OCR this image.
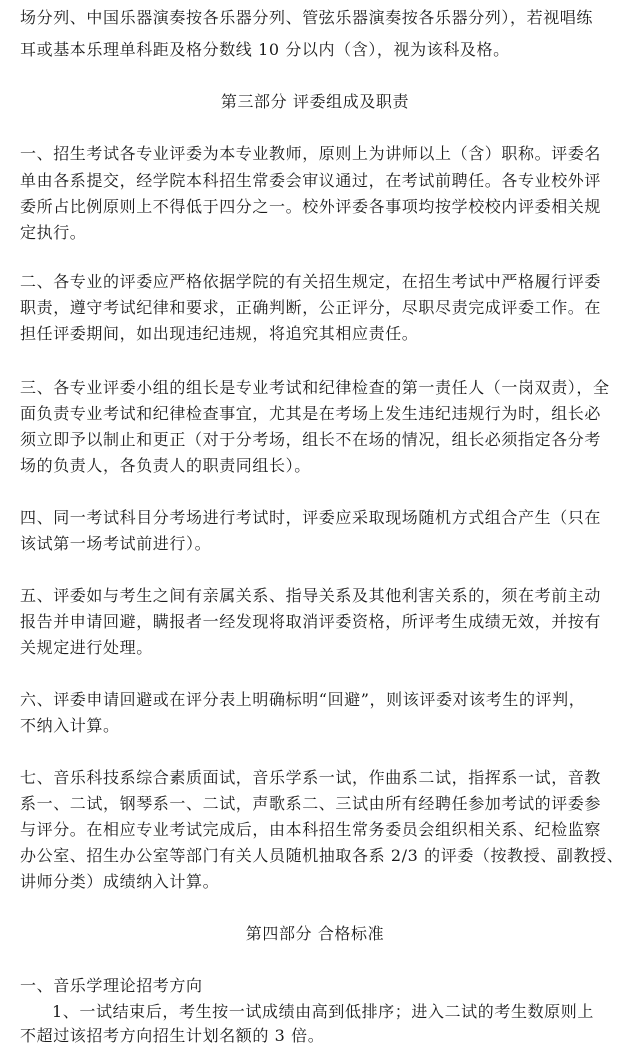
场分列、中国乐器演奏按各乐器分列、管弦乐器演奏按各乐器分列），若视唱练
耳或基本乐理单科距及格分数线 10 分以内（含），视为该科及格。
第三部分 评委组成及职责
一、招生考试各专业评委为本专业教师，原则上为讲师以上（含）职称。评委名
单由各系提交，经学院本科招生常委会审议通过，在考试前聘任。各专业校外评
委所占比例原则上不得低于四分之一。校外评委各事项均按学校校内评委相关规
定执行。
二、各专业的评委应严格依据学院的有关招生规定，在招生考试中严格履行评委
职责，遵守考试纪律和要求，正确判断，公正评分，尽职尽责完成评委工作。在
担任评委期间，如出现违纪违规，将追究其相应责任。
三、各专业评委小组的组长是专业考试和纪律检查的第一责任人（一岗双责），全
面负责专业考试和纪律检查事宜，尤其是在考场上发生违纪违规行为时，组长必
须立即予以制止和更正（对于分考场，组长不在场的情况，组长必须指定各分考
场的负责人，各负责人的职责同组长）。
四、同一考试科目分考场进行考试时，评委应采取现场随机方式组合产生（只在
该试第一场考试前进行）。
五、评委如与考生之间有亲属关系、指导关系及其他利害关系的，须在考前主动
报告并申请回避，瞒报者一经发现将取消评委资格，所评考生成绩无效，并按有
关规定进行处理。
六、评委申请回避或在评分表上明确标明“回避”，则该评委对该考生的评判，
不纳入计算。
七、音乐科技系综合素质面试，音乐学系一试，作曲系二试，指挥系一试，音教
系一、二试，钢琴系一、二试，声歌系二、三试由所有经聘任参加考试的评委参
与评分。在相应专业考试完成后，由本科招生常务委员会组织相关系、纪检监察
办公室、招生办公室等部门有关人员随机抽取各系 2/3 的评委（按教授、副教授、
讲师分类）成绩纳入计算。
第四部分 合格标准
一、音乐学理论招考方向
1、一试结束后，考生按一试成绩由高到低排序；进入二试的考生数原则上
不超过该招考方向招生计划名额的 3 倍。
